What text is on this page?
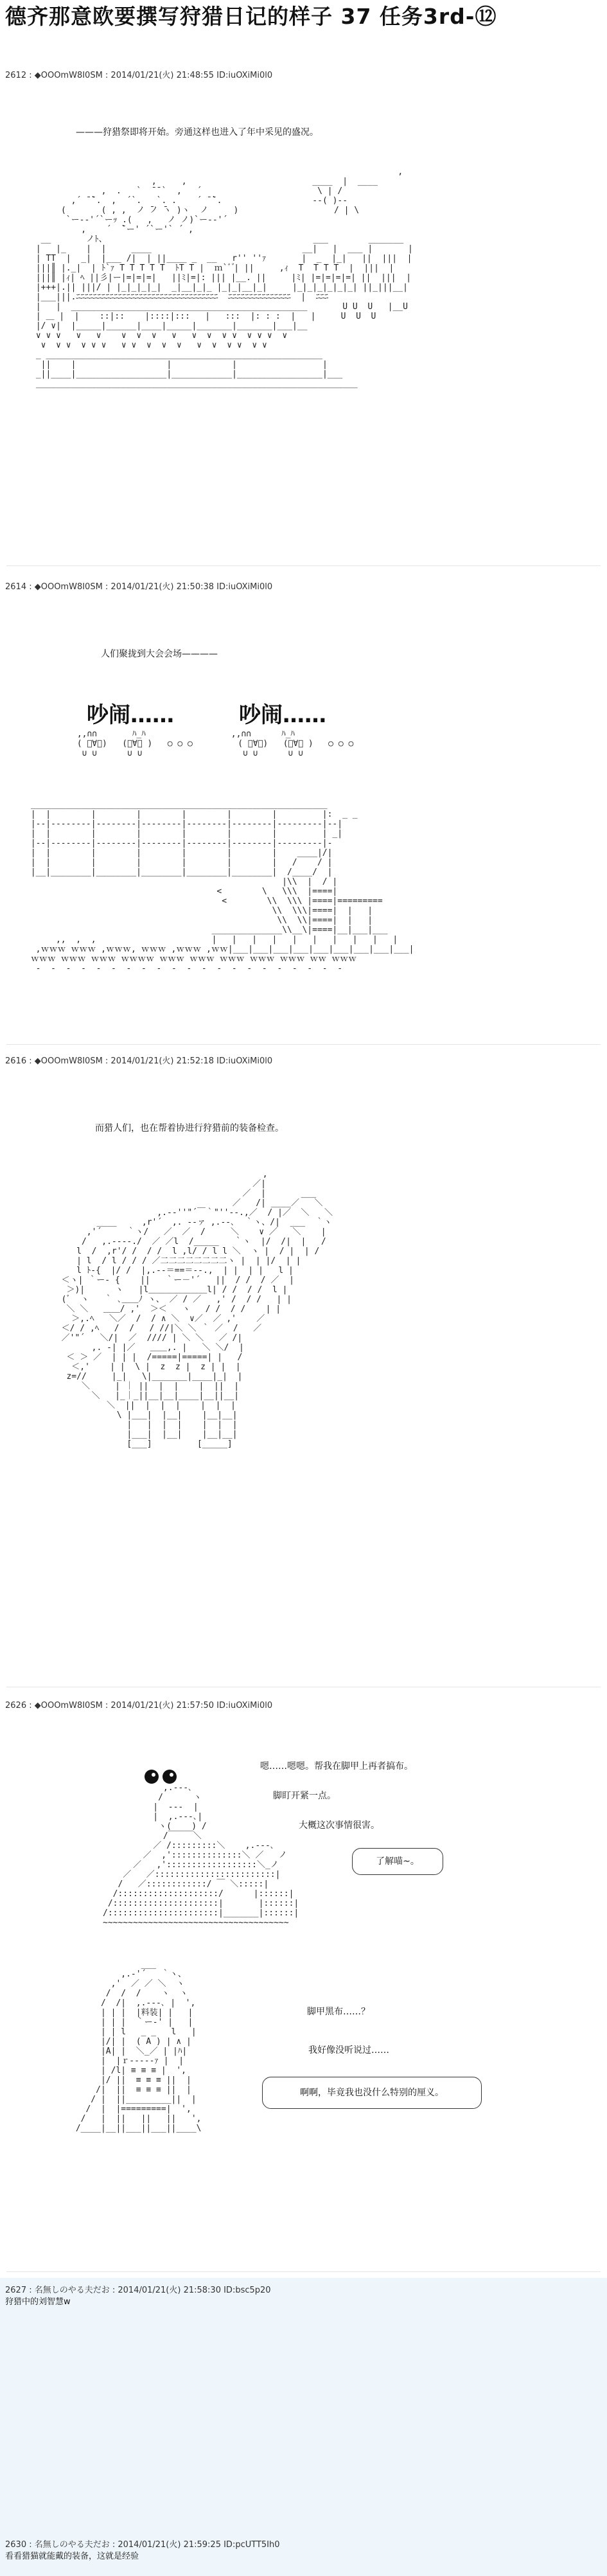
德齐那意欧要撰写狩猎日记的样子 37 任务3rd-⑫
2612 : ◆OOOmW8I0SM : 2014/01/21(火) 21:48:55 ID:iuOXiMi0l0
———狩猎祭即将开始。旁通这样也进入了年中采见的盛况。
,
,     ,                         ____  |  ____
,  .   `  ̄ ̄ `  ,   ´                       \ | /
,´ ̄ ̄`.  ,  ´`.   `. .    ´ ̄ ̄`.                  --( )--
(       ( , ,  ノ ̄ノ ̄ヽ )ヽ  ノ     )                   / | \
`ー-‐'´`ーｯ .(   ,   ノ ノ)`ー-‐'´
,    ´  ̄`ー' ´`ー'` ´ ,
__       ノﾄ、                                         ___        _______
|   |_    |  |     ____                              __|   |  ___ |       |
| TT  |  _|  |___ /|  | ||____ _  __   r'' ''ｧ       |  _  |_|   ||  |||  |
|||║ |._|  | ﾄ`ｧ T T T T T  ﾄT T |  ｍ`ﾞ ゙| ||     ,ｨ  T  T T T  |  |||  |
|||║ |ｨ| ﾍ ||彡|ー|=|=|=|   ||ﾐ|=|: ||| |__. ||     |ﾐ| |=|=|=|=| ||  |||  |
|+++|.|| |||/ | |_|_|_|_|  _|__|_|_ |_|_|__|_|     |_|_|_|_|_|_| ||_|||__|
|___|||.ﾆﾆﾆﾆﾆﾆﾆﾆﾆﾆﾆﾆﾆﾆﾆﾆﾆﾆﾆﾆﾆﾆﾆﾆﾆﾆﾆﾆﾆﾆﾆﾆﾆﾆ  ﾆﾆﾆﾆﾆﾆﾆﾆﾆﾆﾆﾆﾆﾆﾆ  |  ﾆﾆﾆ
|   |  _______________________________________________       U U  U   |__U
| ＿ |  |    ::|::    |::::|:::   |   :::  |: : :  |   |     U  U  U
|/ ∨|  |_____|______|____|_____|_______|_______|___|__
∨ ∨ ∨   ∨   ∨    ∨  ∨  ∨   ∨   ∨  ∨  ∨ ∨  ∨ ∨ ∨  ∨
∨  ∨ ∨  ∨ ∨ ∨   ∨ ∨  ∨  ∨  ∨   ∨  ∨  ∨ ∨  ∨ ∨
_ _______________________________________________________
||    |                  |            |                 |
_||____|__________________|____________|_________________|___
________________________________________________________________
2614 : ◆OOOmW8I0SM : 2014/01/21(火) 21:50:38 ID:iuOXiMi0l0
人们聚拢到大会会场————
吵闹……	吵闹……
,,∩∩       ﾊ_ﾊ                 ,,∩∩      ﾊ_ﾊ
( ﾟ∀ﾟ)   (ﾟ∀ﾟ )   ○ ○ ○         ( ﾟ∀ﾟ)   (ﾟ∀ﾟ )   ○ ○ ○
∪ ∪      ∪ ∪                    ∪ ∪      ∪ ∪
___________________________________________________________
|  |        |        |        |        |        |         |:  _ _
|--|--------|--------|--------|--------|--------|---------|--|
|  |        |        |        |        |        |         | _|
|--|--------|--------|--------|--------|--------|---------|-
|  |        |        |        |        |        |    ____|/|
|  |        |        |        |        |        |   /    / |
|__|________|________|________|________|________|  /____/  |
|\\  |  / |
<        \   \\\  |====|
<        \\  \\\ |====|=========
\\  \\\|====|  |   |
\\  \\|====|  |   |
______________\\__\|====|__|___|___
,,  ,  ,                       |   |   |   |   |   |   |   |   |   |
,ｗｗｗ ｗｗｗ ,ｗｗｗ, ｗｗｗ ,ｗｗｗ ,ｗｗ|___|___|___|___|___|___|___|___|___|
ｗｗｗ ｗｗｗ ｗｗｗ ｗｗｗｗ ｗｗｗ ｗｗｗ ｗｗｗ ｗｗｗ ｗｗｗ ｗｗ ｗｗｗ
-  -  -  -  -  -  -  -  -  -  -  -  -  -  -  -  -  -  -  -  -
2616 : ◆OOOmW8I0SM : 2014/01/21(火) 21:52:18 ID:iuOXiMi0l0
而猎人们，也在帮着协进行狩猎前的装备检查。
,
／|
／  |       ___
／   /| ____／   ＼
,.-‐''"´￣｀"''‐-.,／  / |／  ＼   ＼
____     ,r'´  ,. -‐ァ ,.-‐､  ｀ヽ、/|  ___  ｀ヽ
,'´     ｀ヽ/   ／  ／  /     ＼    ∨ ／   ＼    |
/   ,.-‐‐‐./  ／ ／l  /_____   ｀ヽ  |/  /|  |   /
l  /  ,r'/ /  / /  l ,l/ / l l ＼  ヽ |  / |  | /
| l  / l / / / ／二二二二二二二二ヽ |  | |/  | |
l ﾄ-{  |/ /  |,.-‐＝==＝‐-.,  | |  | |   l |
＜ヽ| ｀ー- {    ||   ｀ー－'´   ||  / /  / ／  |
＞)|      ヽ   |l＿＿＿＿＿＿＿l| / /  / /  l |
(ﾞ  ヽ   ｀ ､＿＿ﾉ ヽ、 ／ / ／   ,' /  / /   | |
＼ ＼   ＿＿/ ,'  ＞＜   ヽ   / /  / /    | |
＞,.ﾍ   ＼／  /  / ∧ ＼  ∨／  ／ ,'    ／
＜/ / ,ﾍ   /  /   / //|＼ ＼ ｀ ／  /   ／
／'"´   ＼/|  ／  //// | ＼ ＼   ／ /|
,. -| |／   ＿＿,. |   ＼ ＼/  |
＜ ＞ ／  | | |  /=====|=====| |   /
＜,'    | |  \ |  z  z |  z | |  |
z=//     |_|   \|_______|____|_|  |
＼     | ｜ ||  |  |    |  ||  |
＼   |_｜_||__|__|____|__||__|
＼  ||  |  |  |    |  |  |
\ |___|  |__|    |__|__|
|   |  |  |    |  |  |
|___|  |__|    |__|__|
[___]         [_____]
2626 : ◆OOOmW8I0SM : 2014/01/21(火) 21:57:50 ID:iuOXiMi0l0
嗯……嗯嗯。帮我在脚甲上再者搞布。
脚盯开紧一点。
大概这次事情很害。
了解喵~。
,.-‐-､
/      ヽ
|  ‐‐‐  |
|  ,.-‐-､|
ヽ(    ) /
/￣￣￣＼
／ /:::::::::＼    ,.-‐-､
／  ,'::::::::::::::＼ ／   ノ
／   ,'::::::::::::::::::＼_ノ
／   ／::::::::::::::::::::::::|
/   ／::::::::::::/ ￣ ＼:::::|
/::::::::::::::::::::/      |::::::|
/:::::::::::::::::::::|       |::::::|
/::::::::::::::::::::::|_______|::::::|
~~~~~~~~~~~~~~~~~~~~~~~~~~~~~~~~~~~~~
脚甲黑布……？
我好像没听说过……
啊啊，毕竟我也没什么特别的厘义。
___
,.-'´   ｀ヽ、
,'  ／ ／ ＼  ヽ
/  /  /    ヽ  ヽ
/  /|  ,.-‐-､ |  ',
| | |  |料装| |   |
| | |  ｀ー-' |   |
| | l   _ _   l   |
|/| |  ( A ) | ∧ |
|A| |  ＼_／ | |ﾊ|
|  |ｒ‐‐‐‐‐ｧ |  |
| /l| ≡ ≡ ≡ |  ',
|/ ||  ≡ ≡ ≡ ||  |
/|  ||  ≡ ≡ ≡ ||  |
/ |  ||_________||  |
/  |  |=========|  ',
/   |  ||   ||   ||   ',
/____|__||___||___||____\
2627 : 名無しのやる夫だお : 2014/01/21(火) 21:58:30 ID:bsc5p20
狩猎中的刘智慧w
2630 : 名無しのやる夫だお : 2014/01/21(火) 21:59:25 ID:pcUTT5Ih0
看看猎猫就能戴的装备，这就是经验
